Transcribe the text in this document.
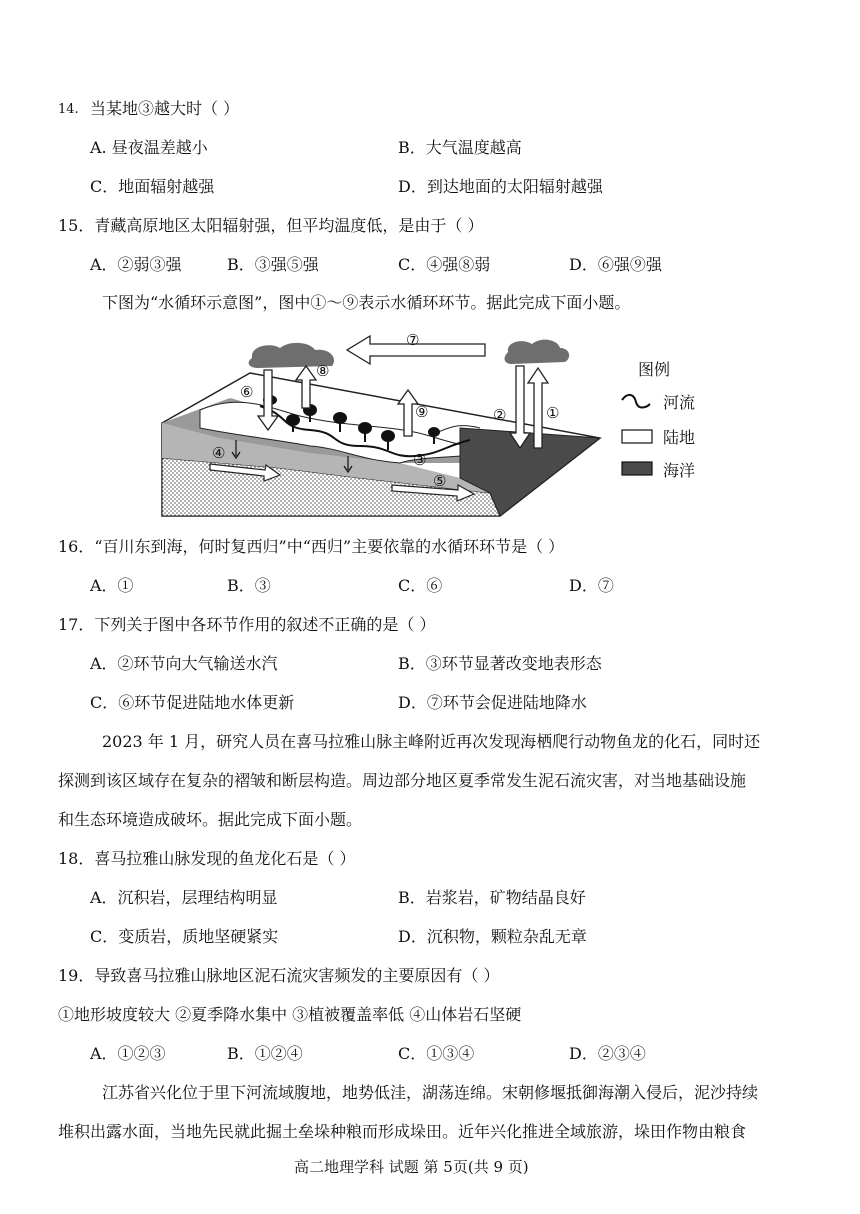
14. 当某地③越大时（ ）
A. 昼夜温差越小	B．大气温度越高
C．地面辐射越强	D．到达地面的太阳辐射越强
15．青藏高原地区太阳辐射强，但平均温度低，是由于（ ）
A．②弱③强	B．③强⑤强	C．④强⑧弱	D．⑥强⑨强
下图为“水循环示意图”，图中①～⑨表示水循环环节。据此完成下面小题。
①
②
③
④
⑤
⑥
⑦
⑧
⑨
图例
河流
陆地
海洋
16．“百川东到海，何时复西归”中“西归”主要依靠的水循环环节是（ ）
A．①	B．③	C．⑥	D．⑦
17．下列关于图中各环节作用的叙述不正确的是（ ）
A．②环节向大气输送水汽	B．③环节显著改变地表形态
C．⑥环节促进陆地水体更新	D．⑦环节会促进陆地降水
2023 年 1 月，研究人员在喜马拉雅山脉主峰附近再次发现海栖爬行动物鱼龙的化石，同时还
探测到该区域存在复杂的褶皱和断层构造。周边部分地区夏季常发生泥石流灾害，对当地基础设施
和生态环境造成破坏。据此完成下面小题。
18．喜马拉雅山脉发现的鱼龙化石是（ ）
A．沉积岩，层理结构明显	B．岩浆岩，矿物结晶良好
C．变质岩，质地坚硬紧实	D．沉积物，颗粒杂乱无章
19．导致喜马拉雅山脉地区泥石流灾害频发的主要原因有（ ）
①地形坡度较大 ②夏季降水集中 ③植被覆盖率低 ④山体岩石坚硬
A．①②③	B．①②④	C．①③④	D．②③④
江苏省兴化位于里下河流域腹地，地势低洼，湖荡连绵。宋朝修堰抵御海潮入侵后，泥沙持续
堆积出露水面，当地先民就此掘土垒垛种粮而形成垛田。近年兴化推进全域旅游，垛田作物由粮食
高二地理学科 试题 第 5页(共 9 页)
